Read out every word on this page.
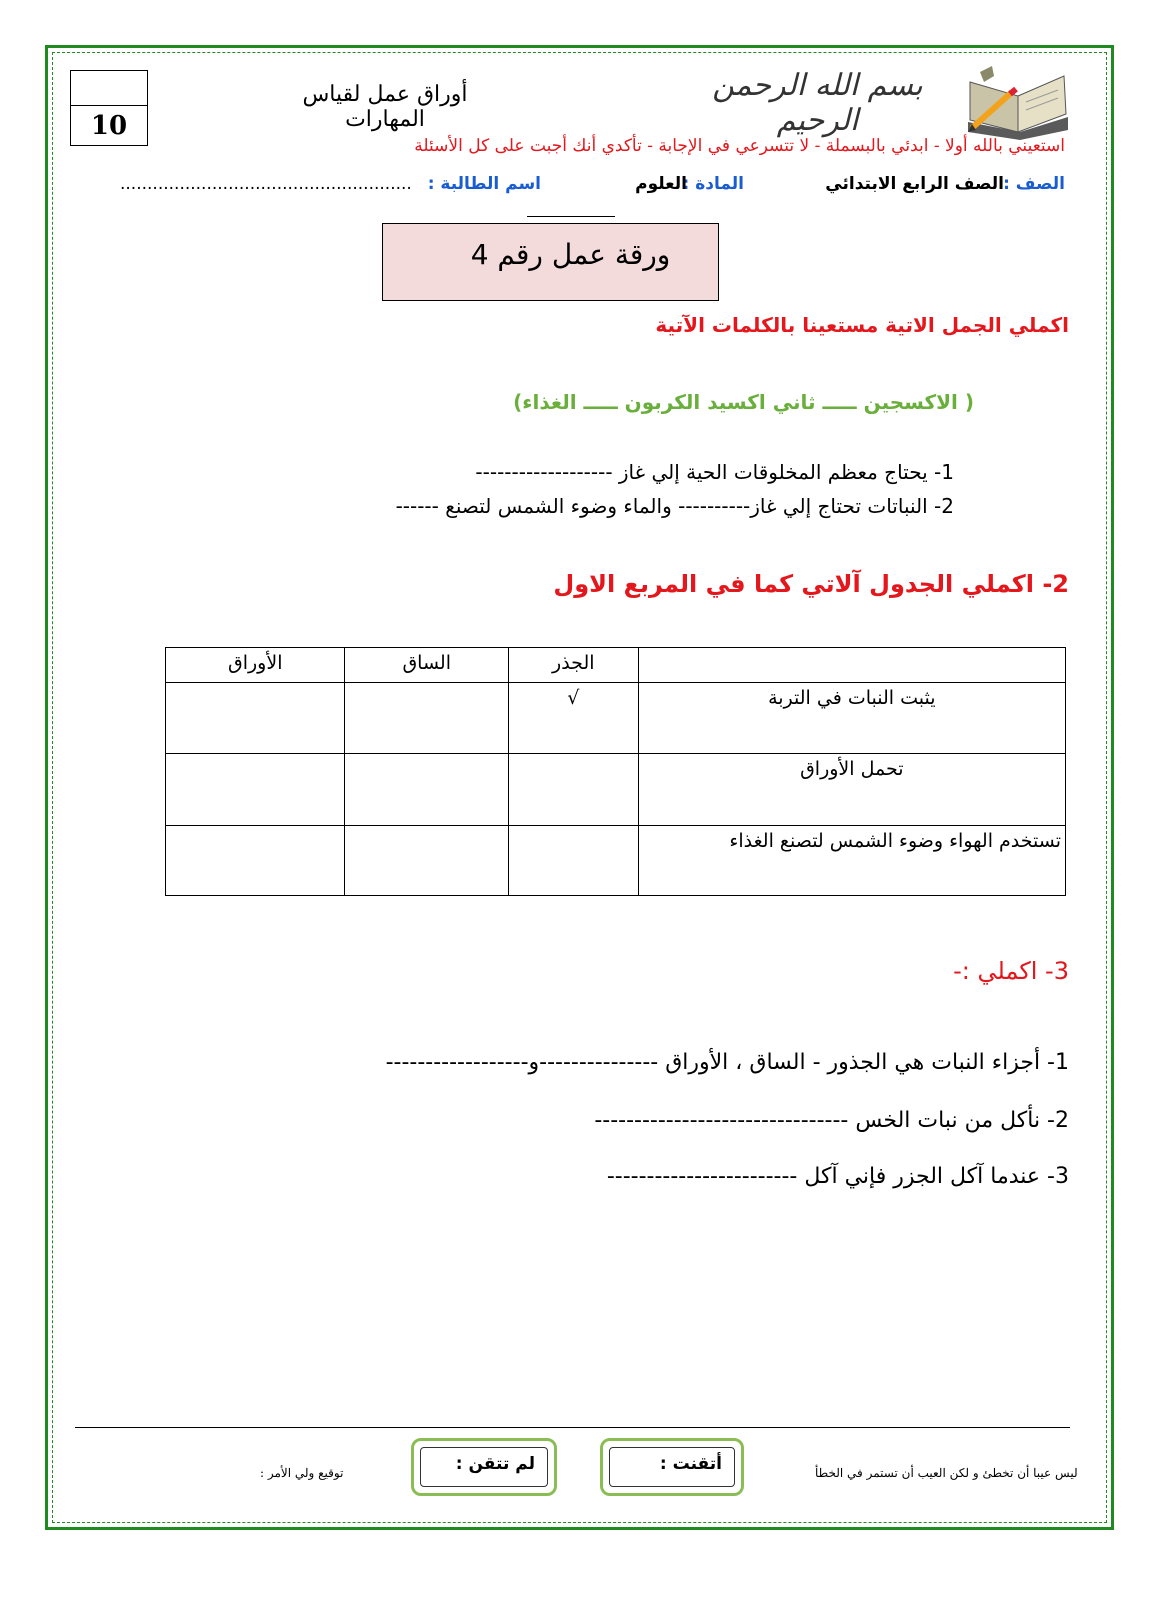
10
بسم الله الرحمن الرحيم
أوراق عمل لقياس المهارات
استعيني بالله أولا - ابدئي بالبسملة - لا تتسرعي في الإجابة - تأكدي أنك أجبت على كل الأسئلة
الصف :
الصف الرابع الابتدائي
المادة :
العلوم
اسم الطالبة :
......................................................
ورقة عمل رقم 4
اكملي الجمل الاتية مستعينا بالكلمات الآتية
( الاكسجين ـــــ ثاني اكسيد الكربون ـــــ الغذاء)
1- يحتاج معظم المخلوقات الحية إلي غاز -------------------
2- النباتات تحتاج إلي غاز---------- والماء وضوء الشمس لتصنع ------
2- اكملي الجدول آلاتي كما في المربع الاول
	الجذر	الساق	الأوراق
يثبت النبات في التربة	√		
تحمل الأوراق			
تستخدم الهواء وضوء الشمس لتصنع الغذاء			
3- اكملي :-
1- أجزاء النبات هي الجذور - الساق ، الأوراق ---------------و------------------
2- نأكل من نبات الخس --------------------------------
3- عندما آكل الجزر فإني آكل ------------------------
أتقنت :
لم تتقن :	ليس عيبا أن تخطئ و لكن العيب أن تستمر في الخطأ
توقيع ولي الأمر :
